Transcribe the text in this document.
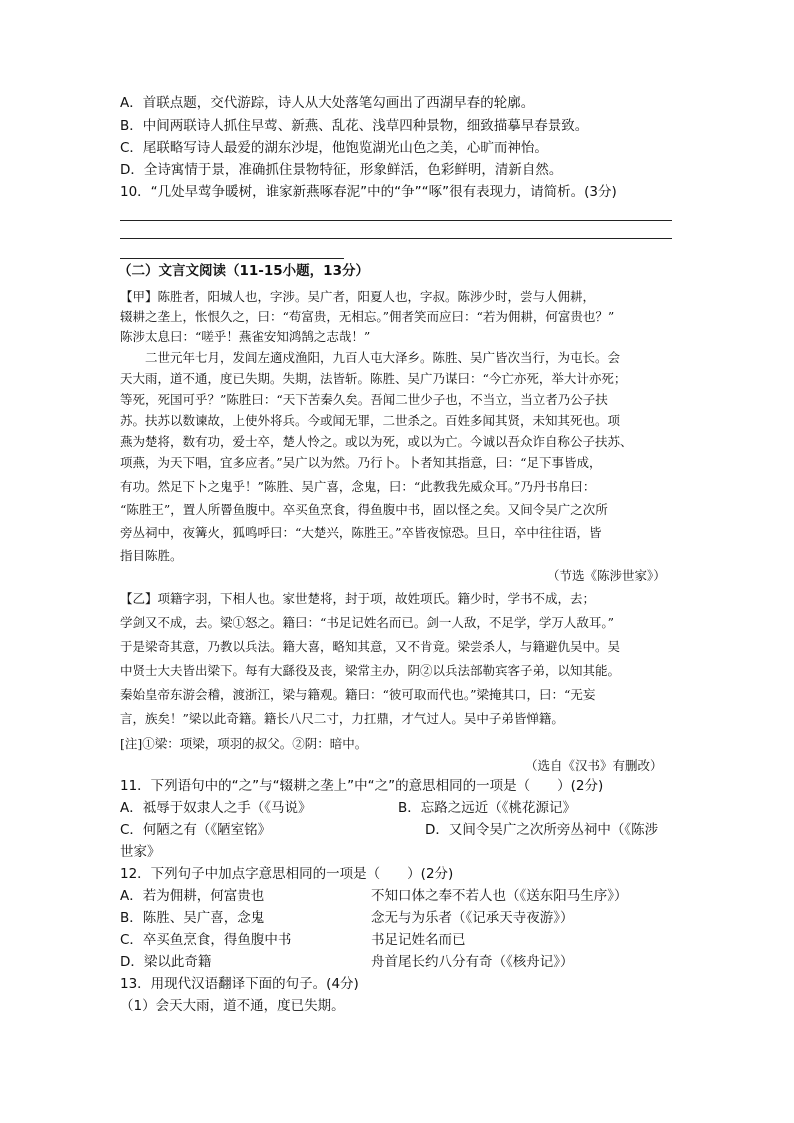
A．首联点题，交代游踪，诗人从大处落笔勾画出了西湖早春的轮廓。
B．中间两联诗人抓住早莺、新燕、乱花、浅草四种景物，细致描摹早春景致。
C．尾联略写诗人最爱的湖东沙堤，他饱览湖光山色之美，心旷而神怡。
D．全诗寓情于景，准确抓住景物特征，形象鲜活，色彩鲜明，清新自然。
10．“几处早莺争暖树，谁家新燕啄春泥”中的“争”“啄”很有表现力，请简析。(3分)
（二）文言文阅读（11-15小题，13分）
【甲】陈胜者，阳城人也，字涉。吴广者，阳夏人也，字叔。陈涉少时，尝与人佣耕，
辍耕之垄上，怅恨久之，曰：“苟富贵，无相忘。”佣者笑而应曰：“若为佣耕，何富贵也？”
陈涉太息曰：“嗟乎！燕雀安知鸿鹄之志哉！”
　　二世元年七月，发闾左適戍渔阳，九百人屯大泽乡。陈胜、吴广皆次当行，为屯长。会
天大雨，道不通，度已失期。失期，法皆斩。陈胜、吴广乃谋曰：“今亡亦死，举大计亦死；
等死，死国可乎？”陈胜曰：“天下苦秦久矣。吾闻二世少子也，不当立，当立者乃公子扶
苏。扶苏以数谏故，上使外将兵。今或闻无罪，二世杀之。百姓多闻其贤，未知其死也。项
燕为楚将，数有功，爱士卒，楚人怜之。或以为死，或以为亡。今诚以吾众诈自称公子扶苏、
项燕，为天下唱，宜多应者。”吴广以为然。乃行卜。卜者知其指意，曰：“足下事皆成，
有功。然足下卜之鬼乎！”陈胜、吴广喜，念鬼，曰：“此教我先威众耳。”乃丹书帛曰：
“陈胜王”，置人所罾鱼腹中。卒买鱼烹食，得鱼腹中书，固以怪之矣。又间令吴广之次所
旁丛祠中，夜篝火，狐鸣呼曰：“大楚兴，陈胜王。”卒皆夜惊恐。旦日，卒中往往语，皆
指目陈胜。
（节选《陈涉世家》）
【乙】项籍字羽，下相人也。家世楚将，封于项，故姓项氏。籍少时，学书不成，去；
学剑又不成，去。梁①怒之。籍曰：“书足记姓名而已。剑一人敌，不足学，学万人敌耳。”
于是梁奇其意，乃教以兵法。籍大喜，略知其意，又不肯竟。梁尝杀人，与籍避仇吴中。吴
中贤士大夫皆出梁下。每有大繇役及丧，梁常主办，阴②以兵法部勒宾客子弟，以知其能。
秦始皇帝东游会稽，渡浙江，梁与籍观。籍曰：“彼可取而代也。”梁掩其口，曰：“无妄
言，族矣！”梁以此奇籍。籍长八尺二寸，力扛鼎，才气过人。吴中子弟皆惮籍。
[注]①梁：项梁，项羽的叔父。②阴：暗中。
（选自《汉书》有删改）
11．下列语句中的“之”与“辍耕之垄上”中“之”的意思相同的一项是（　　）(2分)
A．祗辱于奴隶人之手（《马说》	B．忘路之远近（《桃花源记》
C．何陋之有（《陋室铭》	D．又间令吴广之次所旁丛祠中（《陈涉
世家》
12．下列句子中加点字意思相同的一项是（　　）(2分)
A．若为佣耕，何富贵也	不知口体之奉不若人也（《送东阳马生序》）
B．陈胜、吴广喜，念鬼	念无与为乐者（《记承天寺夜游》）
C．卒买鱼烹食，得鱼腹中书	书足记姓名而已
D．梁以此奇籍	舟首尾长约八分有奇（《核舟记》）
13．用现代汉语翻译下面的句子。(4分)
（1）会天大雨，道不通，度已失期。
